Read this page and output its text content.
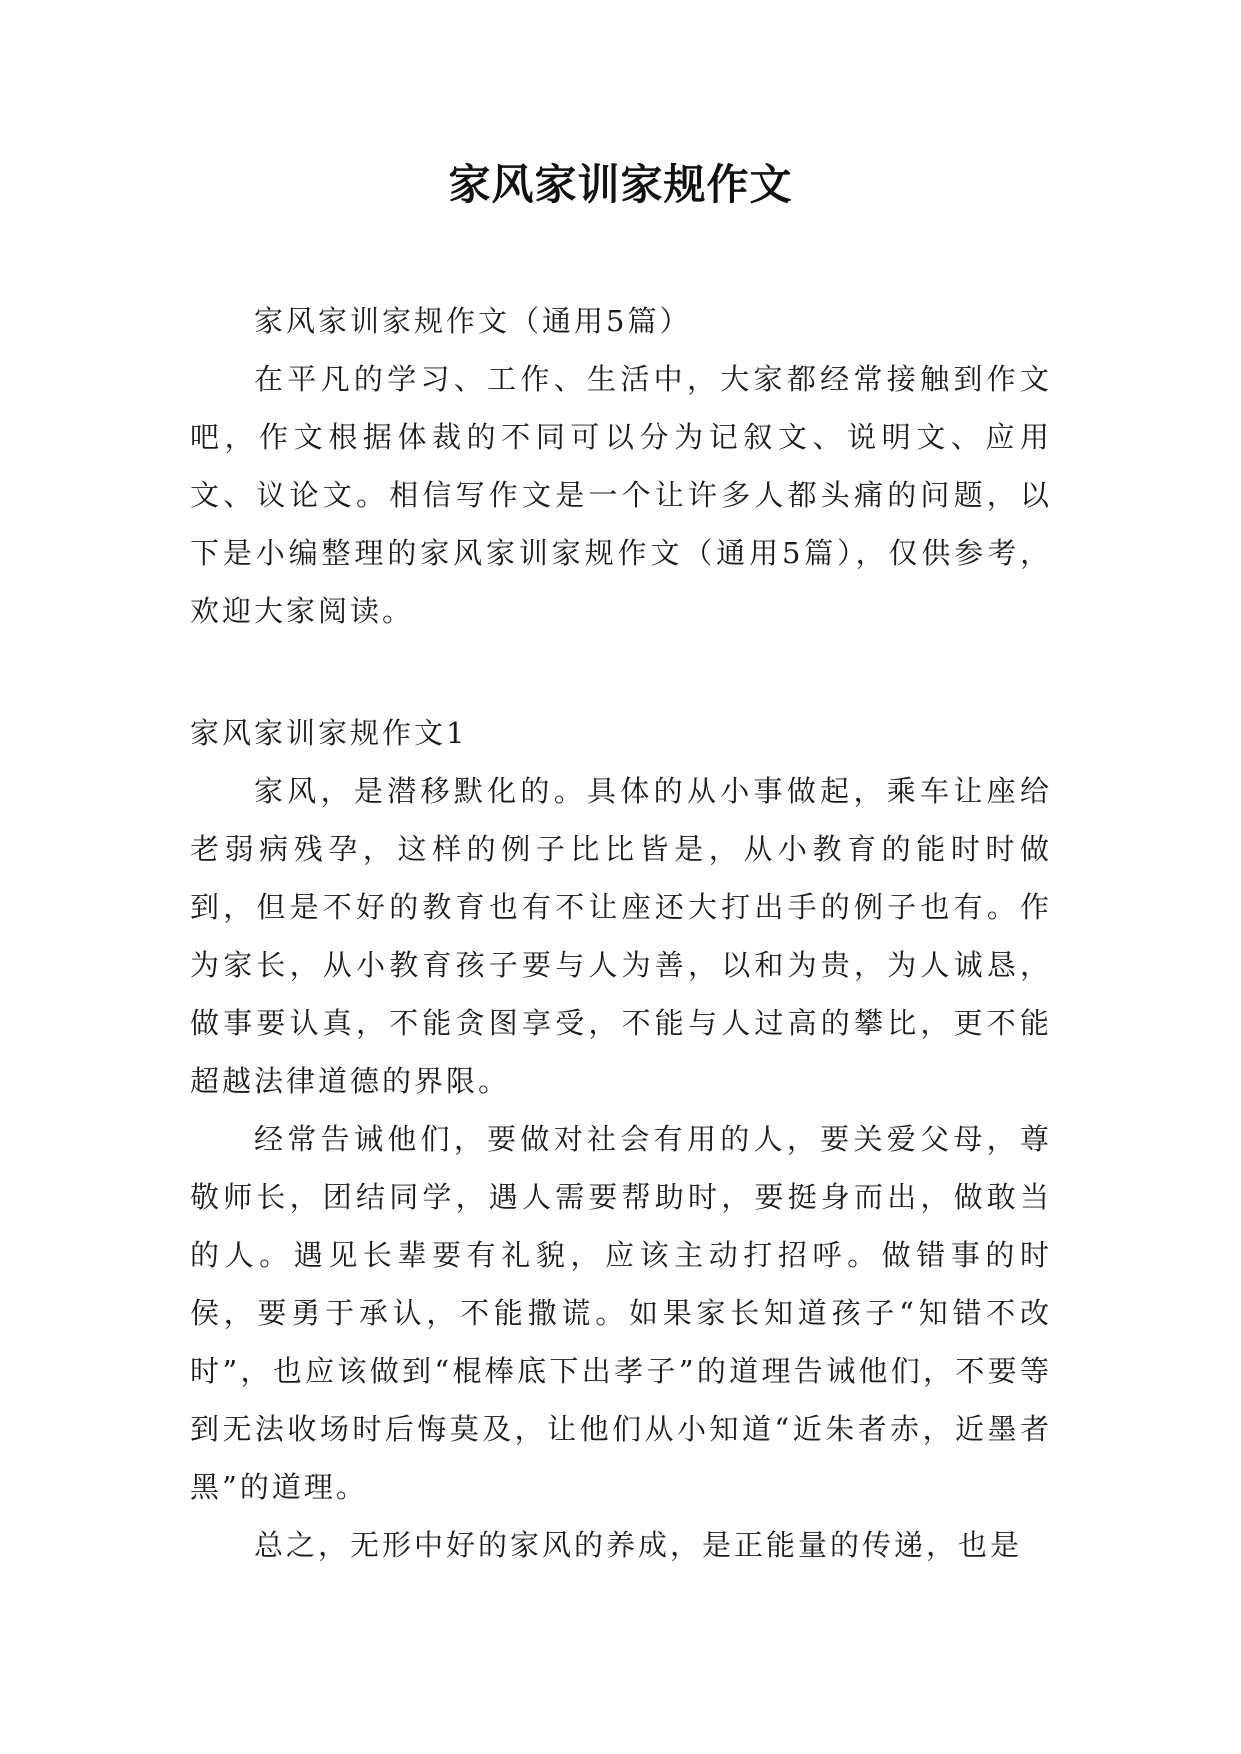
家风家训家规作文

家风家训家规作文（通用5篇）

在平凡的学习、工作、生活中，大家都经常接触到作文吧，作文根据体裁的不同可以分为记叙文、说明文、应用文、议论文。相信写作文是一个让许多人都头痛的问题，以下是小编整理的家风家训家规作文（通用5篇），仅供参考，欢迎大家阅读。

家风家训家规作文1

家风，是潜移默化的。具体的从小事做起，乘车让座给老弱病残孕，这样的例子比比皆是，从小教育的能时时做到，但是不好的教育也有不让座还大打出手的例子也有。作为家长，从小教育孩子要与人为善，以和为贵，为人诚恳，做事要认真，不能贪图享受，不能与人过高的攀比，更不能超越法律道德的界限。

经常告诫他们，要做对社会有用的人，要关爱父母，尊敬师长，团结同学，遇人需要帮助时，要挺身而出，做敢当的人。遇见长辈要有礼貌，应该主动打招呼。做错事的时侯，要勇于承认，不能撒谎。如果家长知道孩子“知错不改时”，也应该做到“棍棒底下出孝子”的道理告诫他们，不要等到无法收场时后悔莫及，让他们从小知道“近朱者赤，近墨者黑”的道理。

总之，无形中好的家风的养成，是正能量的传递，也是
